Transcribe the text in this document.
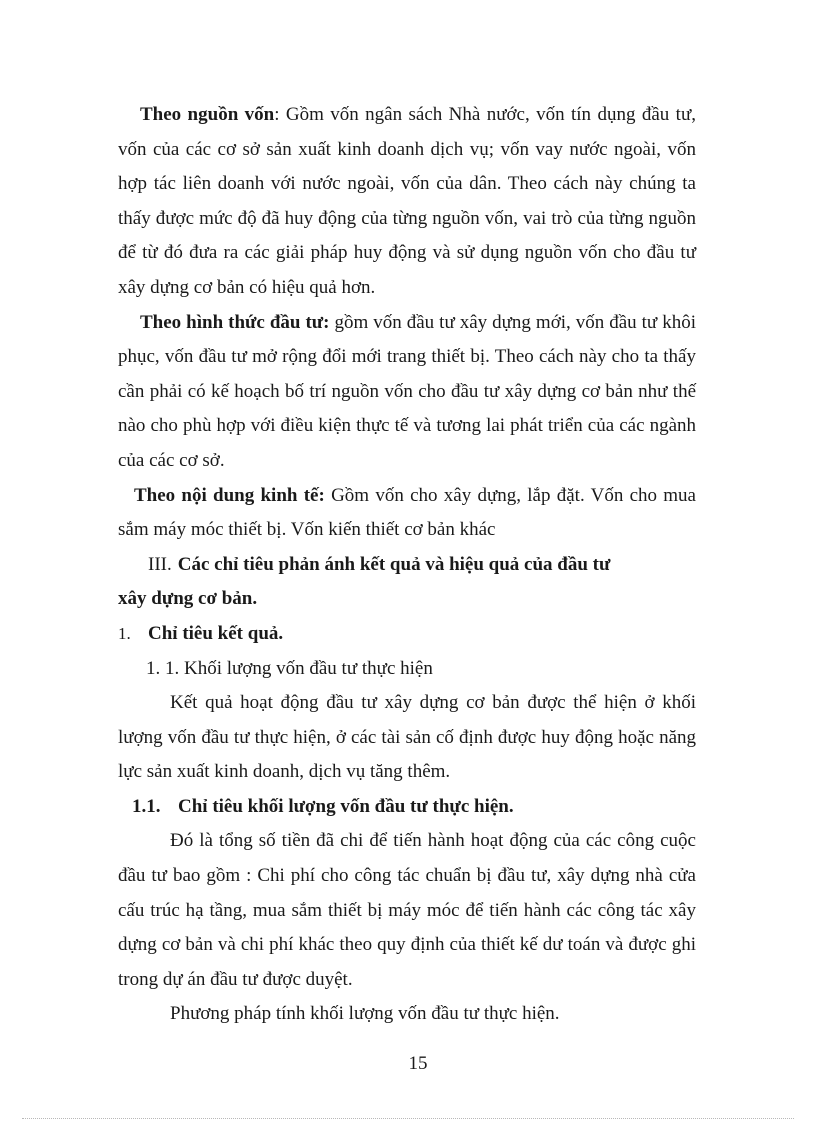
Theo nguồn vốn: Gồm vốn ngân sách Nhà nước, vốn tín dụng đầu tư, vốn của các cơ sở sản xuất kinh doanh dịch vụ; vốn vay nước ngoài, vốn hợp tác liên doanh với nước ngoài, vốn của dân. Theo cách này chúng ta thấy được mức độ đã huy động của từng nguồn vốn, vai trò của từng nguồn để từ đó đưa ra các giải pháp huy động và sử dụng nguồn vốn cho đầu tư xây dựng cơ bản có hiệu quả hơn.

Theo hình thức đầu tư: gồm vốn đầu tư xây dựng mới, vốn đầu tư khôi phục, vốn đầu tư mở rộng đổi mới trang thiết bị. Theo cách này cho ta thấy cần phải có kế hoạch bố trí nguồn vốn cho đầu tư xây dựng cơ bản như thế nào cho phù hợp với điều kiện thực tế và tương lai phát triển của các ngành của các cơ sở.

Theo nội dung kinh tế: Gồm vốn cho xây dựng, lắp đặt. Vốn cho mua sắm máy móc thiết bị. Vốn kiến thiết cơ bản khác

III. Các chỉ tiêu phản ánh kết quả và hiệu quả của đầu tư

xây dựng cơ bản.

1. Chỉ tiêu kết quả.

1. 1. Khối lượng vốn đầu tư thực hiện

Kết quả hoạt động đầu tư xây dựng cơ bản được thể hiện ở khối lượng vốn đầu tư thực hiện, ở các tài sản cố định được huy động hoặc năng lực sản xuất kinh doanh, dịch vụ tăng thêm.

1.1. Chỉ tiêu khối lượng vốn đầu tư thực hiện.

Đó là tổng số tiền đã chi để tiến hành hoạt động của các công cuộc đầu tư bao gồm : Chi phí cho công tác chuẩn bị đầu tư, xây dựng nhà cửa cấu trúc hạ tầng, mua sắm thiết bị máy móc để tiến hành các công tác xây dựng cơ bản và chi phí khác theo quy định của thiết kế dư toán và được ghi trong dự án đầu tư được duyệt.

Phương pháp tính khối lượng vốn đầu tư thực hiện.

15
